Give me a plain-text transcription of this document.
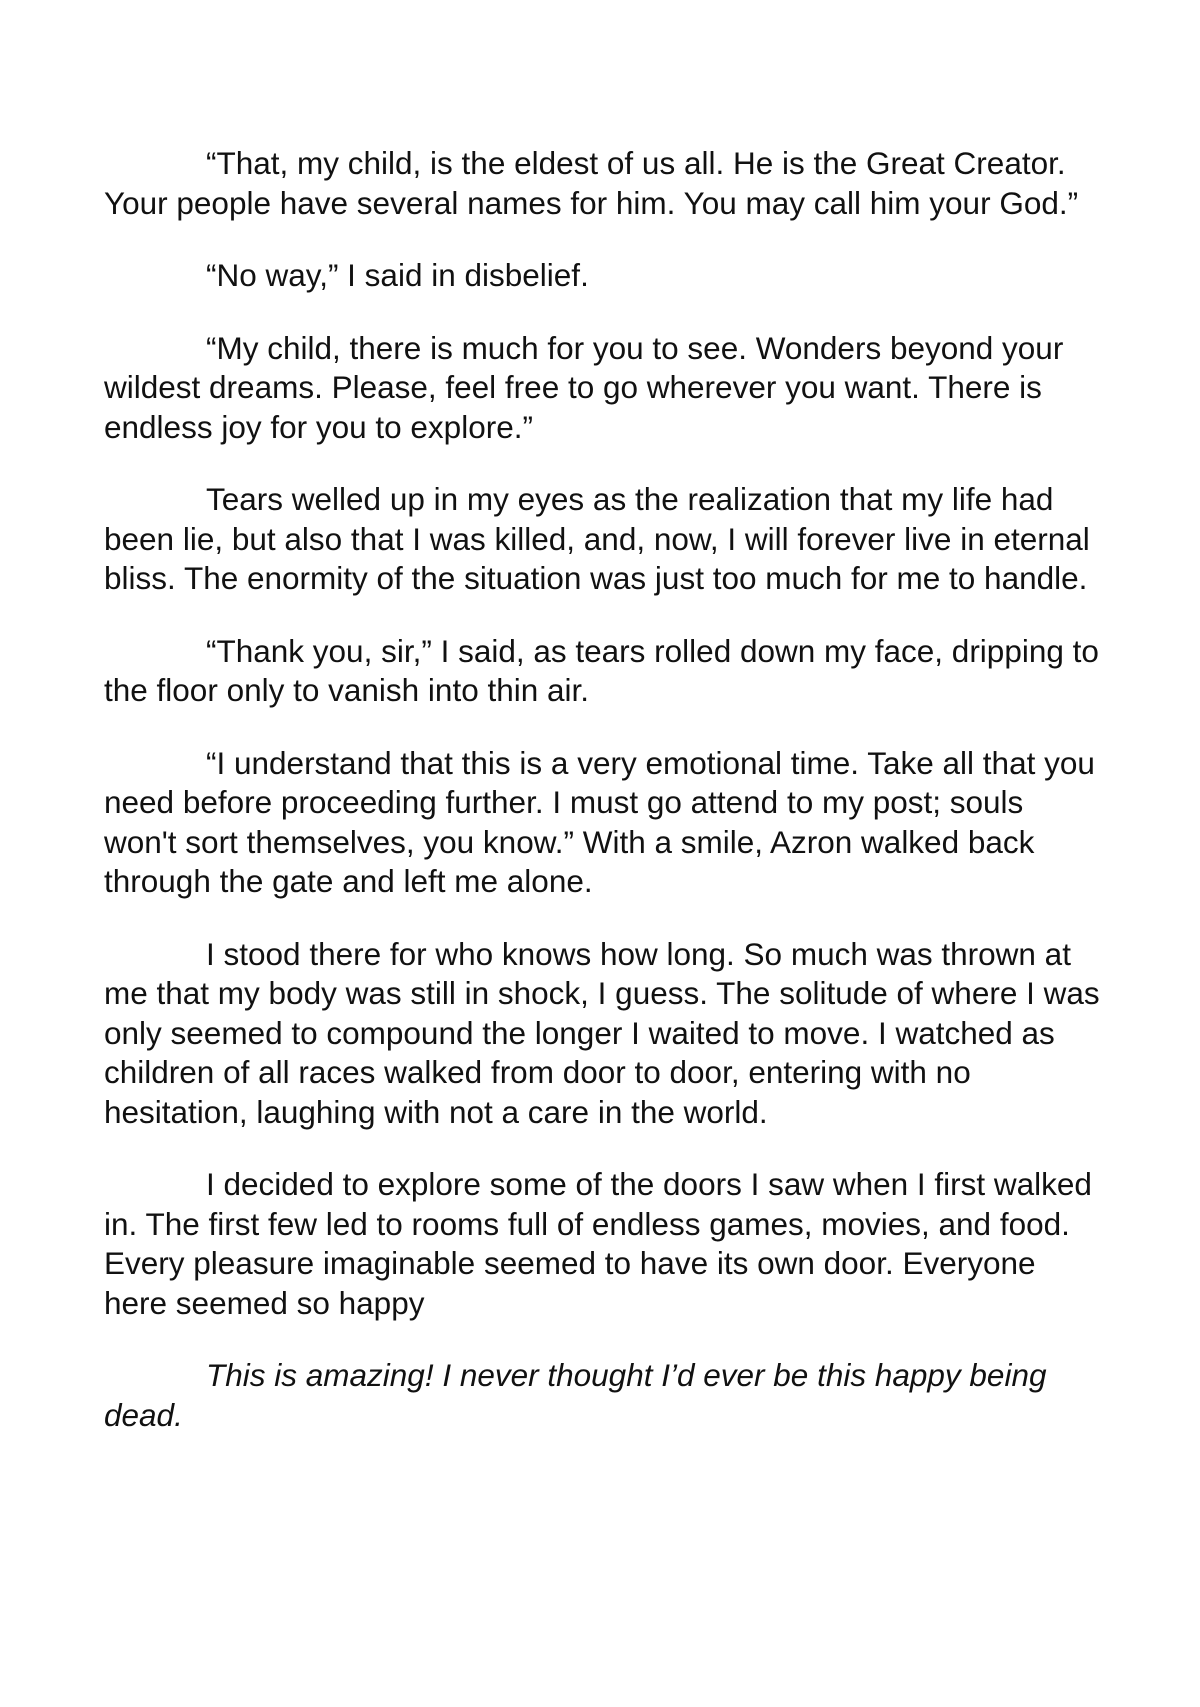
“That, my child, is the eldest of us all. He is the Great Creator. Your people have several names for him. You may call him your God.”

“No way,” I said in disbelief.

“My child, there is much for you to see. Wonders beyond your wildest dreams. Please, feel free to go wherever you want. There is endless joy for you to explore.”

Tears welled up in my eyes as the realization that my life had been lie, but also that I was killed, and, now, I will forever live in eternal bliss. The enormity of the situation was just too much for me to handle.

“Thank you, sir,” I said, as tears rolled down my face, dripping to the floor only to vanish into thin air.

“I understand that this is a very emotional time. Take all that you need before proceeding further. I must go attend to my post; souls won't sort themselves, you know.” With a smile, Azron walked back through the gate and left me alone.

I stood there for who knows how long. So much was thrown at me that my body was still in shock, I guess. The solitude of where I was only seemed to compound the longer I waited to move. I watched as children of all races walked from door to door, entering with no hesitation, laughing with not a care in the world.

I decided to explore some of the doors I saw when I first walked in. The first few led to rooms full of endless games, movies, and food. Every pleasure imaginable seemed to have its own door. Everyone here seemed so happy

This is amazing! I never thought I’d ever be this happy being dead.
